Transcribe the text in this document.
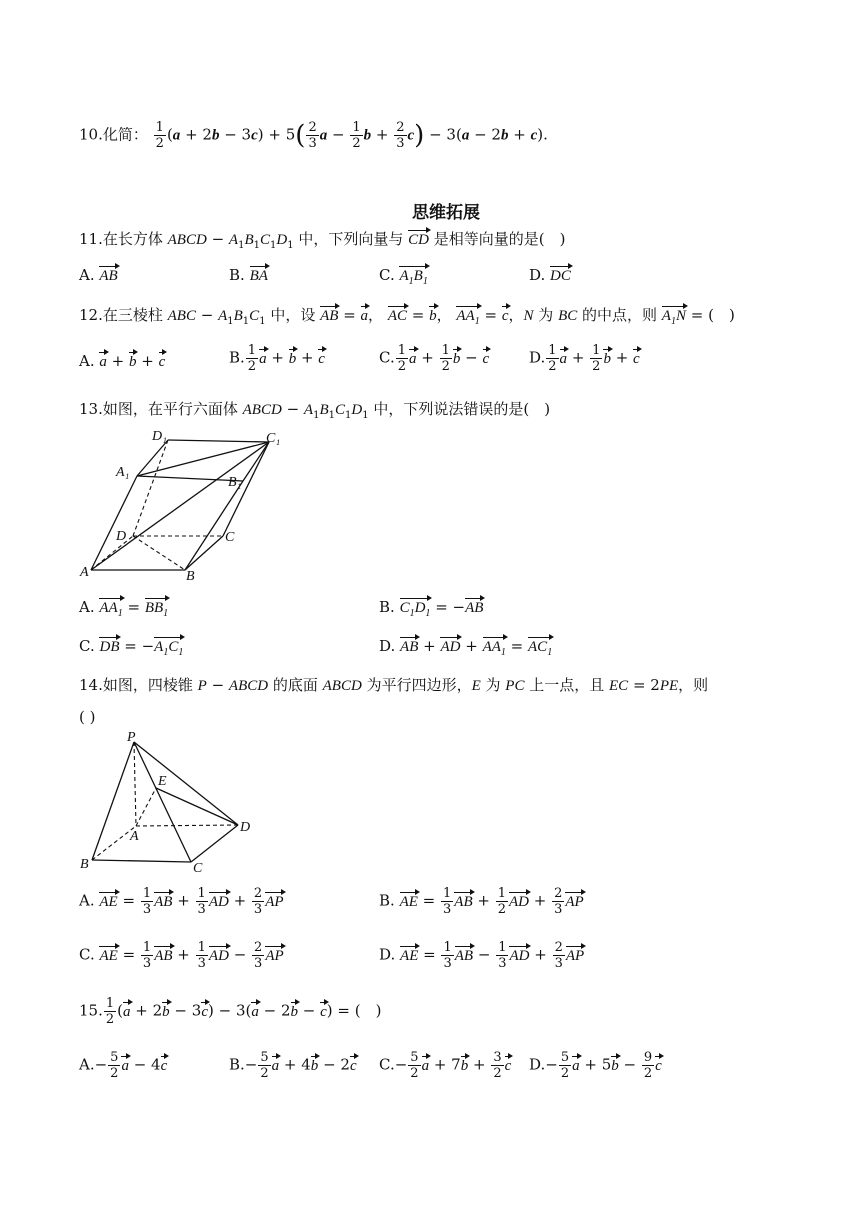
10.化简： $\frac{1}{2} (a + 2b - 3c) + 5( \frac{2}{3}$ $a - \frac{1}{2}$ $b + \frac{2}{3} c) - 3(a - 2b + c)$.
思维拓展
11.在长方体 ABCD − $A_1B_1C_1D_1$ 中，下列向量与 CD 是相等向量的是(　)
A. AB	B. BA	C. $A_1B_1$	D. DC
12.在三棱柱 ABC − $A_1B_1C_1$ 中，设 AB = a， AC = b， $AA_1 = c$，N 为 BC 的中点，则 $A_1N$ = (　)
A. a + b + c	B. $\frac{1}{2}$ a + b + c	C. $\frac{1}{2}$ $a + \frac{1}{2}$ b − c	D. $\frac{1}{2}$ $a + \frac{1}{2}$ b + c
13.如图，在平行六面体 ABCD − $A_1B_1C_1D_1$ 中，下列说法错误的是(　)
D₁	C₁
A₁
B₁
D	C
A	B
A. $AA_1 = BB_1$	B. $C_1D_1 = -AB$
C. DB = $-A_1C_1$	D. AB + AD + $AA_1 = AC_1$
14.如图，四棱锥 P − ABCD 的底面 ABCD 为平行四边形，E 为 PC 上一点，且 EC = 2PE，则
( )
P
E
D
A
B	C
A. AE = $\frac{1}{3}$ AB + $\frac{1}{3}$ AD + $\frac{2}{3}$ AP	B. AE = $\frac{1}{3}$ AB + $\frac{1}{2}$ AD + $\frac{2}{3}$ AP
C. AE = $\frac{1}{3}$ AB + $\frac{1}{3}$ AD − $\frac{2}{3}$ AP	D. AE = $\frac{1}{3}$ AB − $\frac{1}{3}$ AD + $\frac{2}{3}$ AP
15. $\frac{1}{2} (a + 2b - 3c) - 3(a - 2b - c)$ = (　)
$A.- \frac{5}{2}$ a − 4c	$B.- \frac{5}{2}$ a + 4b − 2c $C.- \frac{5}{2}$ $a + 7b + \frac{3}{2}$ c $D.- \frac{5}{2}$ $a + 5b - \frac{9}{2}$ c
